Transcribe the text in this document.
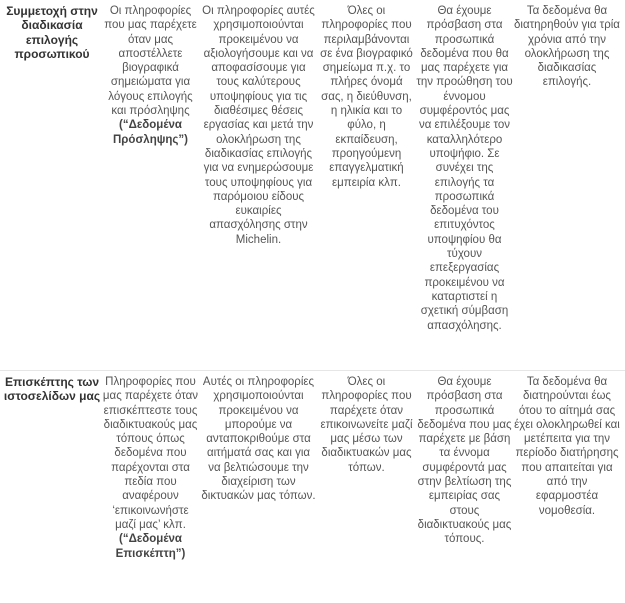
Συμμετοχή στην διαδικασία επιλογής προσωπικού
Οι πληροφορίες που μας παρέχετε όταν μας αποστέλλετε βιογραφικά σημειώματα για λόγους επιλογής και πρόσληψης (“Δεδομένα Πρόσληψης”)
Οι πληροφορίες αυτές χρησιμοποιούνται προκειμένου να αξιολογήσουμε και να αποφασίσουμε για τους καλύτερους υποψηφίους για τις διαθέσιμες θέσεις εργασίας και μετά την ολοκλήρωση της διαδικασίας επιλογής για να ενημερώσουμε τους υποψηφίους για παρόμοιου είδους ευκαιρίες απασχόλησης στην Michelin.
Όλες οι πληροφορίες που περιλαμβάνονται σε ένα βιογραφικό σημείωμα π.χ. το πλήρες όνομά σας, η διεύθυνση, η ηλικία και το φύλο, η εκπαίδευση, προηγούμενη επαγγελματική εμπειρία κλπ.
Θα έχουμε πρόσβαση στα προσωπικά δεδομένα που θα μας παρέχετε για την προώθηση του έννομου συμφέροντός μας να επιλέξουμε τον καταλληλότερο υποψήφιο. Σε συνέχει της επιλογής τα προσωπικά δεδομένα του επιτυχόντος υποψηφίου θα τύχουν επεξεργασίας προκειμένου να καταρτιστεί η σχετική σύμβαση απασχόλησης.
Τα δεδομένα θα διατηρηθούν για τρία χρόνια από την ολοκλήρωση της διαδικασίας επιλογής.
Επισκέπτης των ιστοσελίδων μας
Πληροφορίες που μας παρέχετε όταν επισκέπτεστε τους διαδικτυακούς μας τόπους όπως δεδομένα που παρέχονται στα πεδία που αναφέρουν ‘επικοινωνήστε μαζί μας’ κλπ. (“Δεδομένα Επισκέπτη”)
Αυτές οι πληροφορίες χρησιμοποιούνται προκειμένου να μπορούμε να ανταποκριθούμε στα αιτήματά σας και για να βελτιώσουμε την διαχείριση των δικτυακών μας τόπων.
Όλες οι πληροφορίες που παρέχετε όταν επικοινωνείτε μαζί μας μέσω των διαδικτυακών μας τόπων.
Θα έχουμε πρόσβαση στα προσωπικά δεδομένα που μας παρέχετε με βάση τα έννομα συμφέροντά μας στην βελτίωση της εμπειρίας σας στους διαδικτυακούς μας τόπους.
Τα δεδομένα θα διατηρούνται έως ότου το αίτημά σας έχει ολοκληρωθεί και μετέπειτα για την περίοδο διατήρησης που απαιτείται για από την εφαρμοστέα νομοθεσία.
